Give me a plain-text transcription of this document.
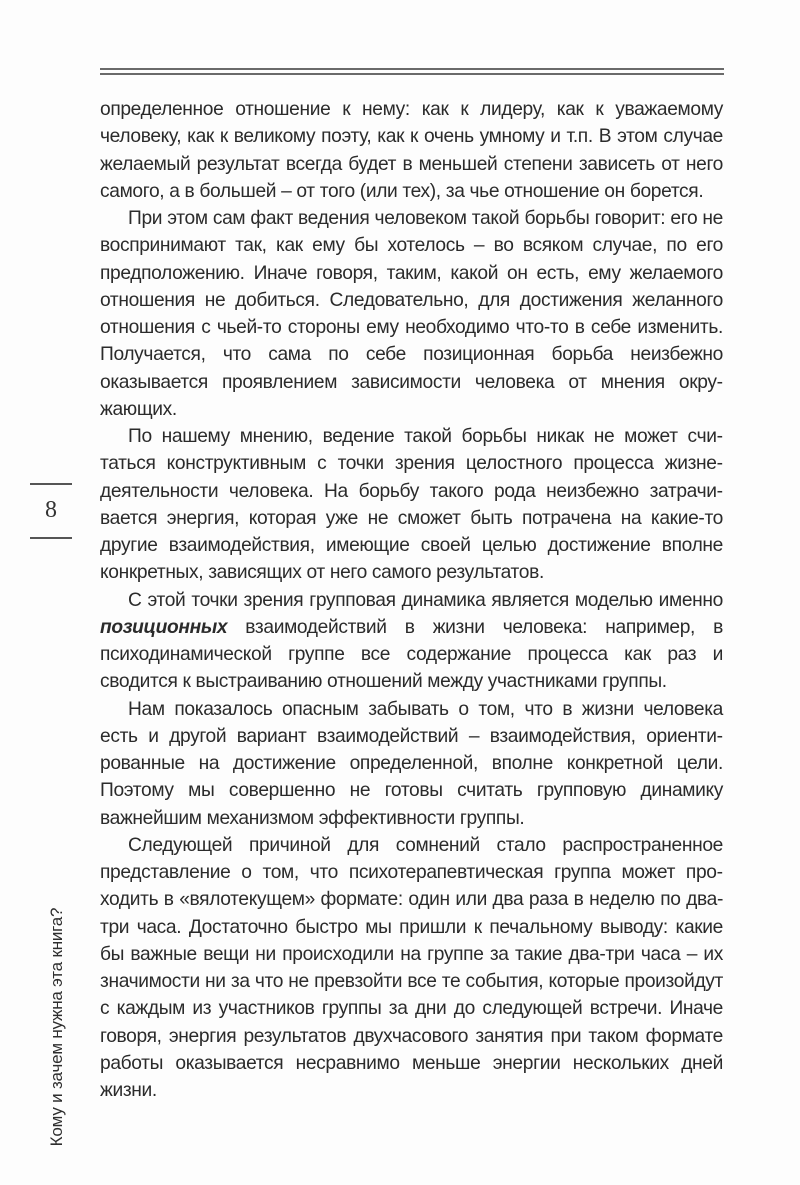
определенное отношение к нему: как к лидеру, как к уважаемому человеку, как к великому поэту, как к очень умному и т.п. В этом случае желаемый результат всегда будет в меньшей степени зависеть от него самого, а в большей – от того (или тех), за чье отношение он борется.

При этом сам факт ведения человеком такой борьбы говорит: его не воспринимают так, как ему бы хотелось – во всяком случае, по его предположению. Иначе говоря, таким, какой он есть, ему желаемого отношения не добиться. Следовательно, для достижения желанного отношения с чьей-то стороны ему необходимо что-то в себе изменить. Получается, что сама по себе позиционная борьба неизбежно оказывается проявлением зависимости человека от мнения окружающих.

По нашему мнению, ведение такой борьбы никак не может считаться конструктивным с точки зрения целостного процесса жизнедеятельности человека. На борьбу такого рода неизбежно затрачивается энергия, которая уже не сможет быть потрачена на какие-то другие взаимодействия, имеющие своей целью достижение вполне конкретных, зависящих от него самого результатов.

С этой точки зрения групповая динамика является моделью именно позиционных взаимодействий в жизни человека: например, в психодинамической группе все содержание процесса как раз и сводится к выстраиванию отношений между участниками группы.

Нам показалось опасным забывать о том, что в жизни человека есть и другой вариант взаимодействий – взаимодействия, ориентированные на достижение определенной, вполне конкретной цели. Поэтому мы совершенно не готовы считать групповую динамику важнейшим механизмом эффективности группы.

Следующей причиной для сомнений стало распространенное представление о том, что психотерапевтическая группа может проходить в «вялотекущем» формате: один или два раза в неделю по два-три часа. Достаточно быстро мы пришли к печальному выводу: какие бы важные вещи ни происходили на группе за такие два-три часа – их значимости ни за что не превзойти все те события, которые произойдут с каждым из участников группы за дни до следующей встречи. Иначе говоря, энергия результатов двухчасового занятия при таком формате работы оказывается несравнимо меньше энергии нескольких дней жизни.

8
Кому и зачем нужна эта книга?
